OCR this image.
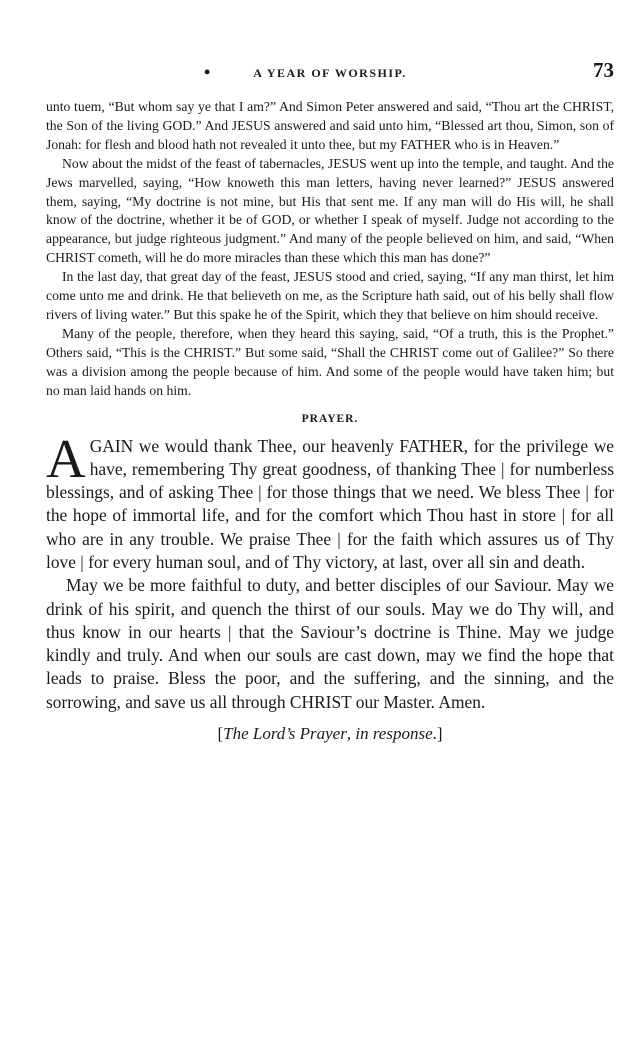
•	A YEAR OF WORSHIP.	73

unto tuem, “But whom say ye that I am?” And Simon Peter answered and said, “Thou art the CHRIST, the Son of the living GOD.” And JESUS answered and said unto him, “Blessed art thou, Simon, son of Jonah: for flesh and blood hath not revealed it unto thee, but my FATHER who is in Heaven.”

Now about the midst of the feast of tabernacles, JESUS went up into the temple, and taught. And the Jews marvelled, saying, “How knoweth this man letters, having never learned?” JESUS answered them, saying, “My doctrine is not mine, but His that sent me. If any man will do His will, he shall know of the doctrine, whether it be of GOD, or whether I speak of myself. Judge not according to the appearance, but judge righteous judgment.” And many of the people believed on him, and said, “When CHRIST cometh, will he do more miracles than these which this man has done?”

In the last day, that great day of the feast, JESUS stood and cried, saying, “If any man thirst, let him come unto me and drink. He that believeth on me, as the Scripture hath said, out of his belly shall flow rivers of living water.” But this spake he of the Spirit, which they that believe on him should receive.

Many of the people, therefore, when they heard this saying, said, “Of a truth, this is the Prophet.” Others said, “This is the CHRIST.” But some said, “Shall the CHRIST come out of Galilee?” So there was a division among the people because of him. And some of the people would have taken him; but no man laid hands on him.

PRAYER.

AGAIN we would thank Thee, our heavenly FATHER, for the privilege we have, remembering Thy great goodness, of thanking Thee | for numberless blessings, and of asking Thee | for those things that we need. We bless Thee | for the hope of immortal life, and for the comfort which Thou hast in store | for all who are in any trouble. We praise Thee | for the faith which assures us of Thy love | for every human soul, and of Thy victory, at last, over all sin and death.

May we be more faithful to duty, and better disciples of our Saviour. May we drink of his spirit, and quench the thirst of our souls. May we do Thy will, and thus know in our hearts | that the Saviour’s doctrine is Thine. May we judge kindly and truly. And when our souls are cast down, may we find the hope that leads to praise. Bless the poor, and the suffering, and the sinning, and the sorrowing, and save us all through CHRIST our Master. Amen.

[The Lord’s Prayer, in response.]
